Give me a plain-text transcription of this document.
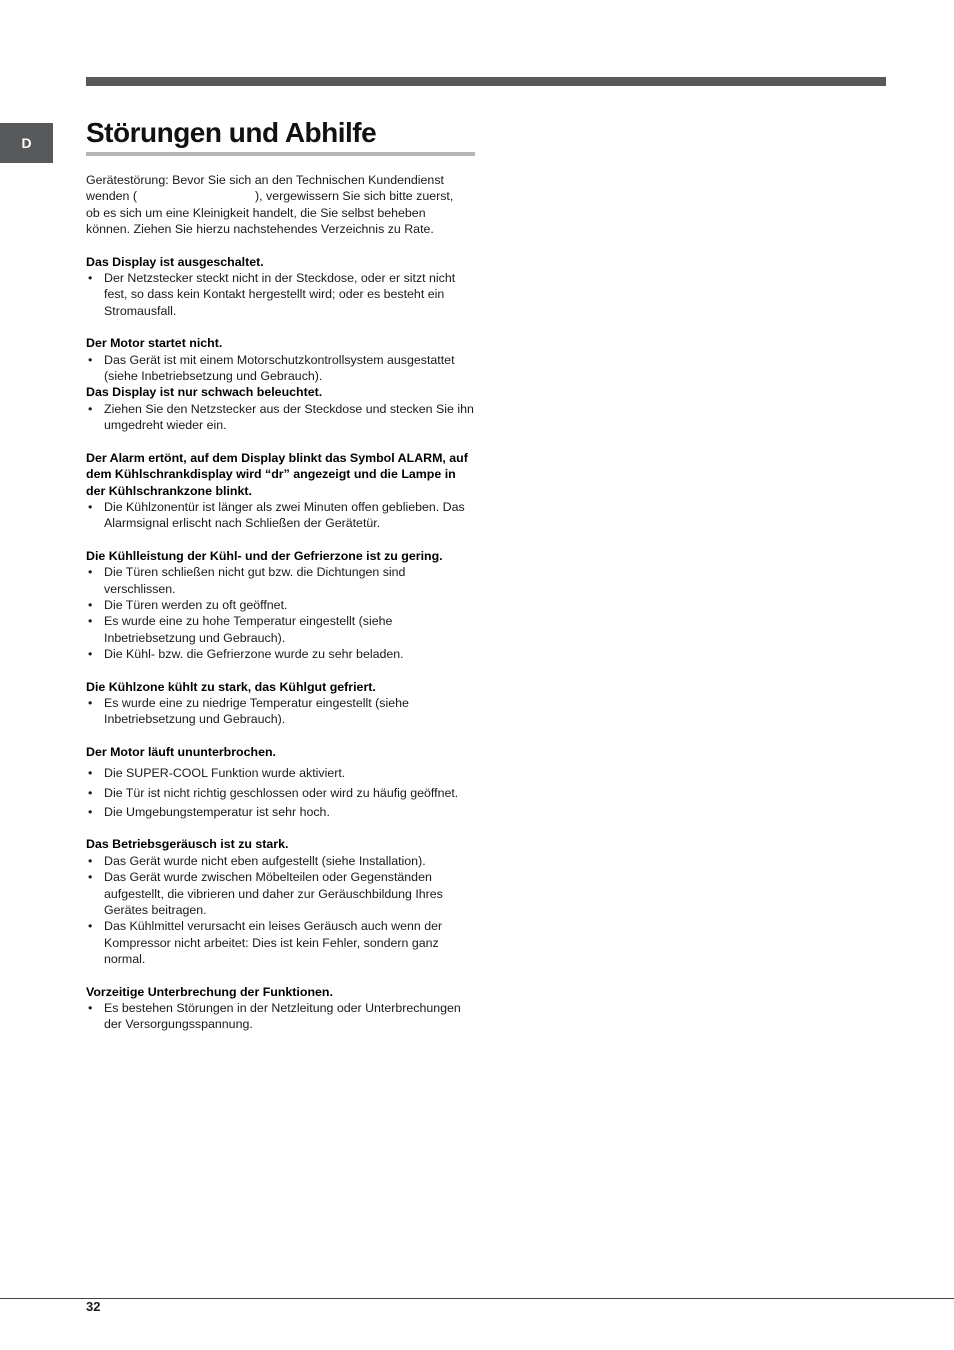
D	Störungen und Abhilfe

Gerätestörung: Bevor Sie sich an den Technischen Kundendienst
wenden (	), vergewissern Sie sich bitte zuerst,
ob es sich um eine Kleinigkeit handelt, die Sie selbst beheben
können. Ziehen Sie hierzu nachstehendes Verzeichnis zu Rate.

Das Display ist ausgeschaltet.

• Der Netzstecker steckt nicht in der Steckdose, oder er sitzt nicht fest, so dass kein Kontakt hergestellt wird; oder es besteht ein Stromausfall.

Der Motor startet nicht.

• Das Gerät ist mit einem Motorschutzkontrollsystem ausgestattet (siehe Inbetriebsetzung und Gebrauch).

Das Display ist nur schwach beleuchtet.

• Ziehen Sie den Netzstecker aus der Steckdose und stecken Sie ihn umgedreht wieder ein.

Der Alarm ertönt, auf dem Display blinkt das Symbol ALARM, auf dem Kühlschrankdisplay wird “dr” angezeigt und die Lampe in der Kühlschrankzone blinkt.

• Die Kühlzonentür ist länger als zwei Minuten offen geblieben. Das Alarmsignal erlischt nach Schließen der Gerätetür.

Die Kühlleistung der Kühl- und der Gefrierzone ist zu gering.

• Die Türen schließen nicht gut bzw. die Dichtungen sind verschlissen.
• Die Türen werden zu oft geöffnet.
• Es wurde eine zu hohe Temperatur eingestellt (siehe Inbetriebsetzung und Gebrauch).
• Die Kühl- bzw. die Gefrierzone wurde zu sehr beladen.

Die Kühlzone kühlt zu stark, das Kühlgut gefriert.

• Es wurde eine zu niedrige Temperatur eingestellt (siehe Inbetriebsetzung und Gebrauch).

Der Motor läuft ununterbrochen.

• Die SUPER-COOL Funktion wurde aktiviert.
• Die Tür ist nicht richtig geschlossen oder wird zu häufig geöffnet.
• Die Umgebungstemperatur ist sehr hoch.

Das Betriebsgeräusch ist zu stark.

• Das Gerät wurde nicht eben aufgestellt (siehe Installation).
• Das Gerät wurde zwischen Möbelteilen oder Gegenständen aufgestellt, die vibrieren und daher zur Geräuschbildung Ihres Gerätes beitragen.
• Das Kühlmittel verursacht ein leises Geräusch auch wenn der Kompressor nicht arbeitet: Dies ist kein Fehler, sondern ganz normal.

Vorzeitige Unterbrechung der Funktionen.

• Es bestehen Störungen in der Netzleitung oder Unterbrechungen der Versorgungsspannung.
32
